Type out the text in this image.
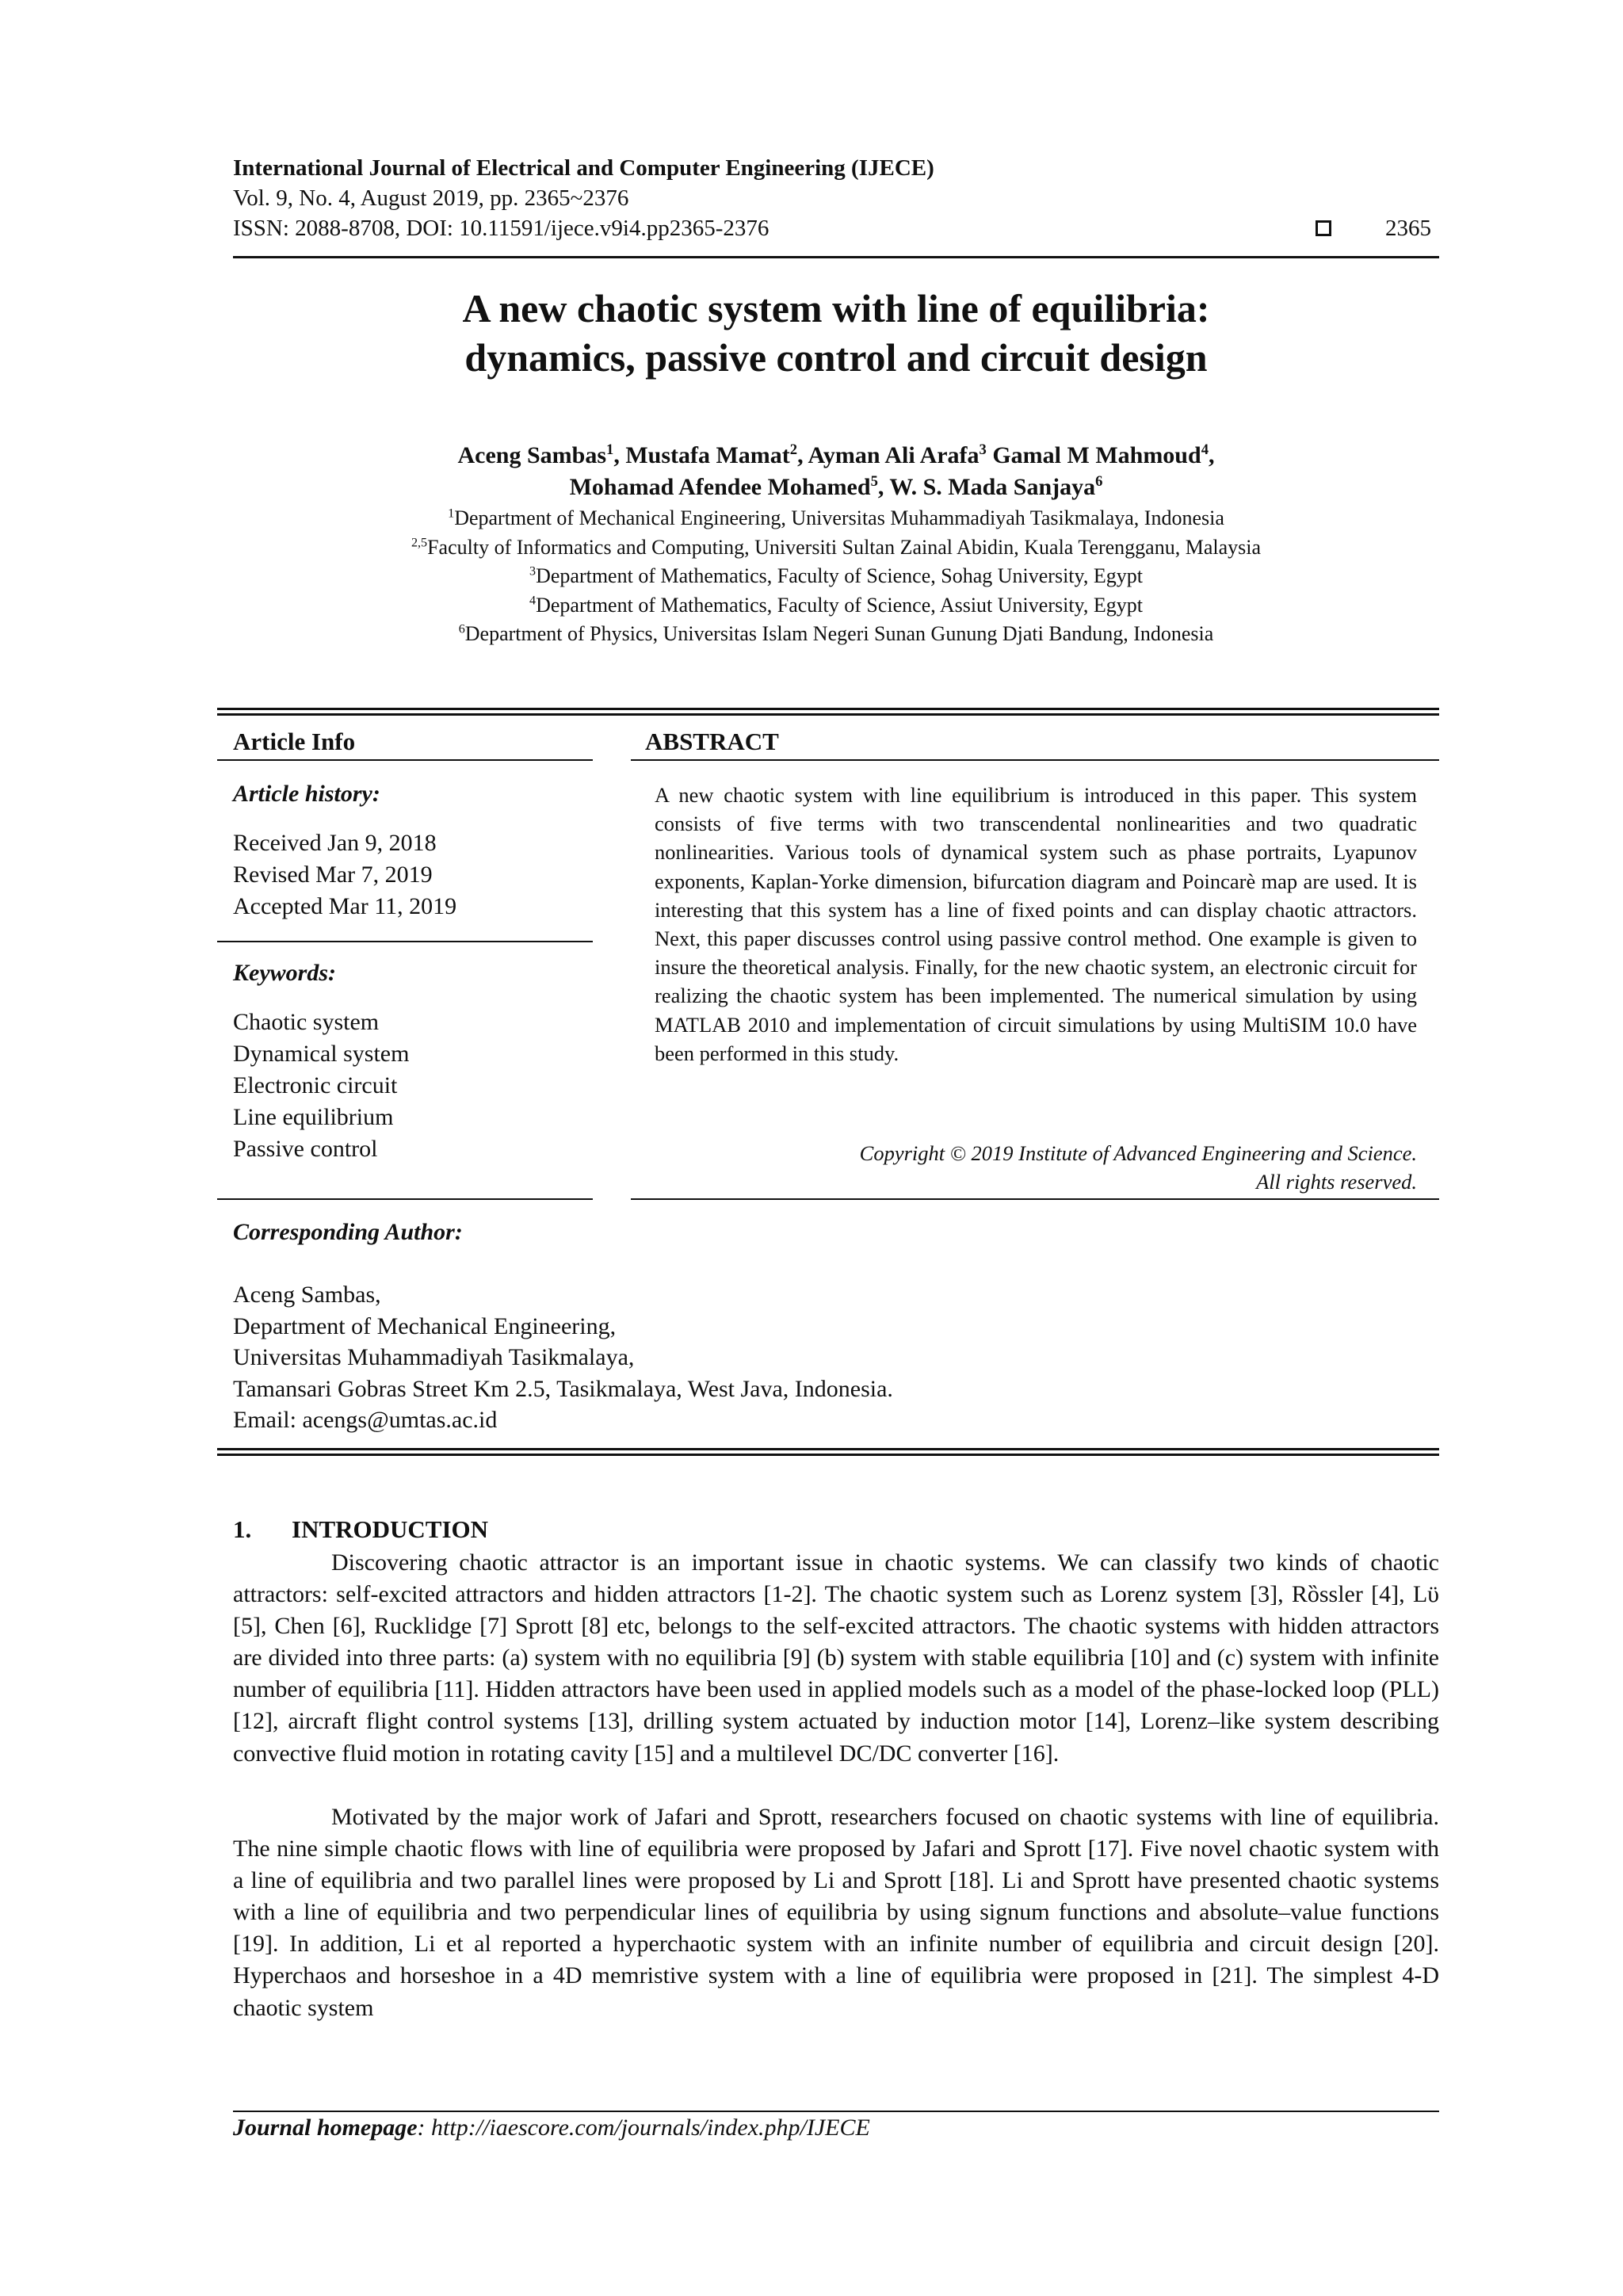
International Journal of Electrical and Computer Engineering (IJECE)
Vol. 9, No. 4, August 2019, pp. 2365~2376
ISSN: 2088-8708, DOI: 10.11591/ijece.v9i4.pp2365-2376	2365
A new chaotic system with line of equilibria:
dynamics, passive control and circuit design
Aceng Sambas$^1$, Mustafa Mamat$^2$, Ayman Ali Arafa$^3$ Gamal M Mahmoud$^4$,
Mohamad Afendee Mohamed$^5$, W. S. Mada Sanjaya$^6$
$^1$Department of Mechanical Engineering, Universitas Muhammadiyah Tasikmalaya, Indonesia
$^{2,5}$Faculty of Informatics and Computing, Universiti Sultan Zainal Abidin, Kuala Terengganu, Malaysia
$^3$Department of Mathematics, Faculty of Science, Sohag University, Egypt
$^4$Department of Mathematics, Faculty of Science, Assiut University, Egypt
$^6$Department of Physics, Universitas Islam Negeri Sunan Gunung Djati Bandung, Indonesia
Article Info	ABSTRACT
Article history:
Received Jan 9, 2018
Revised Mar 7, 2019
Accepted Mar 11, 2019
Keywords:
Chaotic system
Dynamical system
Electronic circuit
Line equilibrium
Passive control
A new chaotic system with line equilibrium is introduced in this paper. This system consists of five terms with two transcendental nonlinearities and two quadratic nonlinearities. Various tools of dynamical system such as phase portraits, Lyapunov exponents, Kaplan-Yorke dimension, bifurcation diagram and Poincarè map are used. It is interesting that this system has a line of fixed points and can display chaotic attractors. Next, this paper discusses control using passive control method. One example is given to insure the theoretical analysis. Finally, for the new chaotic system, an electronic circuit for realizing the chaotic system has been implemented. The numerical simulation by using MATLAB 2010 and implementation of circuit simulations by using MultiSIM 10.0 have been performed in this study.
Copyright © 2019 Institute of Advanced Engineering and Science.
All rights reserved.
Corresponding Author:
Aceng Sambas,
Department of Mechanical Engineering,
Universitas Muhammadiyah Tasikmalaya,
Tamansari Gobras Street Km 2.5, Tasikmalaya, West Java, Indonesia.
Email: acengs@umtas.ac.id
1. INTRODUCTION
Discovering chaotic attractor is an important issue in chaotic systems. We can classify two kinds of chaotic attractors: self-excited attractors and hidden attractors [1-2]. The chaotic system such as Lorenz system [3], Rȍssler [4], Lϋ [5], Chen [6], Rucklidge [7] Sprott [8] etc, belongs to the self-excited attractors. The chaotic systems with hidden attractors are divided into three parts: (a) system with no equilibria [9] (b) system with stable equilibria [10] and (c) system with infinite number of equilibria [11]. Hidden attractors have been used in applied models such as a model of the phase-locked loop (PLL) [12], aircraft flight control systems [13], drilling system actuated by induction motor [14], Lorenz–like system describing convective fluid motion in rotating cavity [15] and a multilevel DC/DC converter [16].
Motivated by the major work of Jafari and Sprott, researchers focused on chaotic systems with line of equilibria. The nine simple chaotic flows with line of equilibria were proposed by Jafari and Sprott [17]. Five novel chaotic system with a line of equilibria and two parallel lines were proposed by Li and Sprott [18]. Li and Sprott have presented chaotic systems with a line of equilibria and two perpendicular lines of equilibria by using signum functions and absolute–value functions [19]. In addition, Li et al reported a hyperchaotic system with an infinite number of equilibria and circuit design [20]. Hyperchaos and horseshoe in a 4D memristive system with a line of equilibria were proposed in [21]. The simplest 4-D chaotic system
Journal homepage: http://iaescore.com/journals/index.php/IJECE
